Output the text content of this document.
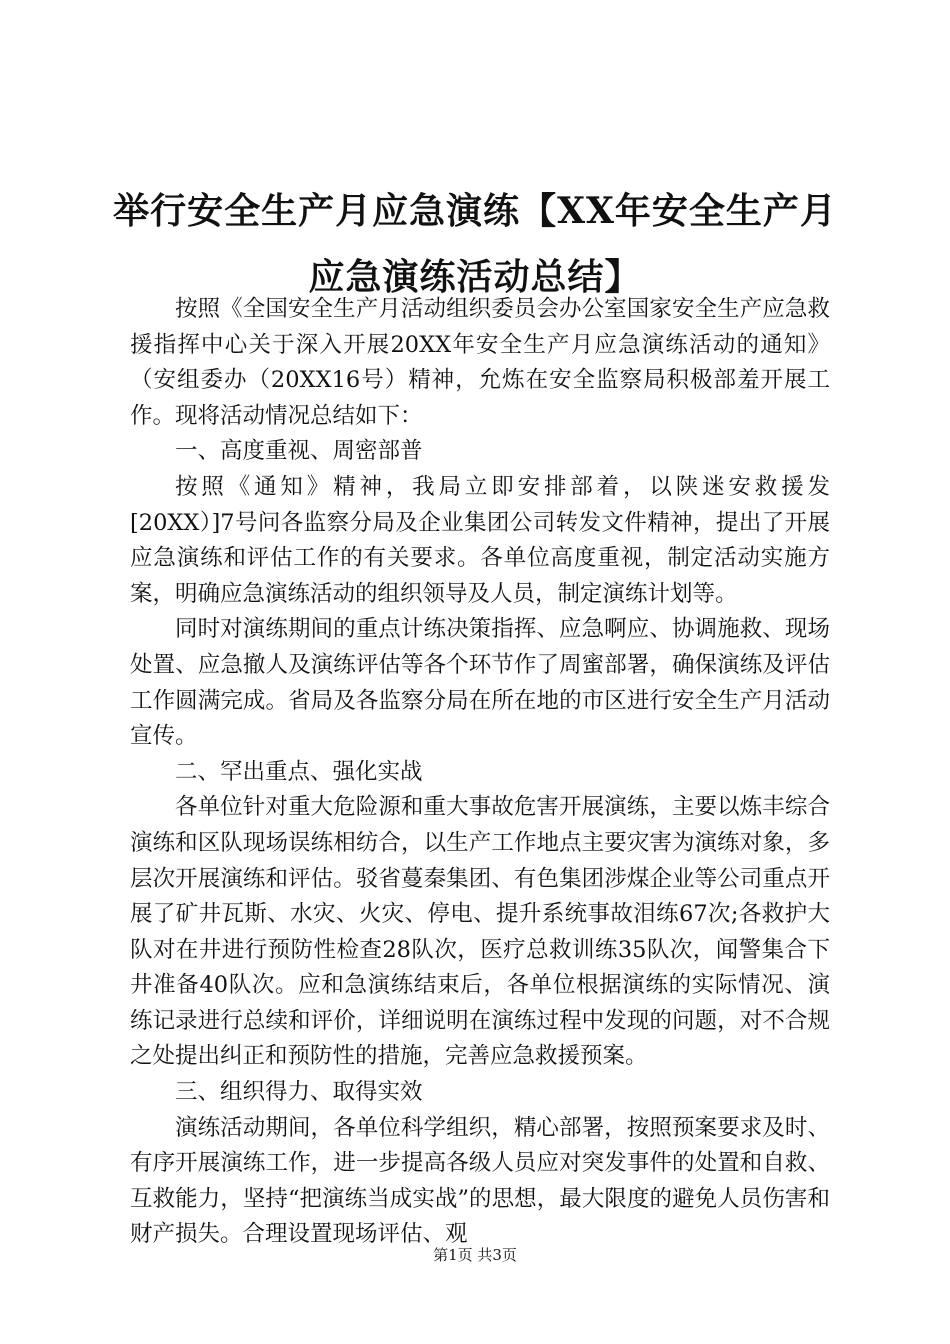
举行安全生产月应急演练【XX年安全生产月应急演练活动总结】

按照《全国安全生产月活动组织委员会办公室国家安全生产应急救援指挥中心关于深入开展20XX年安全生产月应急演练活动的通知》（安组委办（20XX16号）精神，允炼在安全监察局积极部羞开展工作。现将活动情况总结如下：

一、高度重视、周密部普

按照《通知》精神，我局立即安排部着，以陕迷安救援发[20XX）]7号问各监察分局及企业集团公司转发文件精神，提出了开展应急演练和评估工作的有关要求。各单位高度重视，制定活动实施方案，明确应急演练活动的组织领导及人员，制定演练计划等。

同时对演练期间的重点计练决策指挥、应急啊应、协调施救、现场处置、应急撤人及演练评估等各个环节作了周蜜部署，确保演练及评估工作圆满完成。省局及各监察分局在所在地的市区进行安全生产月活动宣传。

二、罕出重点、强化实战

各单位针对重大危险源和重大事故危害开展演练，主要以炼丰综合演练和区队现场误练相纺合，以生产工作地点主要灾害为演练对象，多层次开展演练和评估。驳省蔓秦集团、有色集团涉煤企业等公司重点开展了矿井瓦斯、水灾、火灾、停电、提升系统事故泪练67次;各救护大队对在井进行预防性检查28队次，医疗总救训练35队次，闻警集合下井准备40队次。应和急演练结束后，各单位根据演练的实际情况、演练记录进行总续和评价，详细说明在演练过程中发现的问题，对不合规之处提出纠正和预防性的措施，完善应急救援预案。

三、组织得力、取得实效

演练活动期间，各单位科学组织，精心部署，按照预案要求及时、有序开展演练工作，进一步提高各级人员应对突发事件的处置和自救、互救能力，坚持“把演练当成实战”的思想，最大限度的避免人员伤害和财产损失。合理设置现场评估、观

第1页 共3页
